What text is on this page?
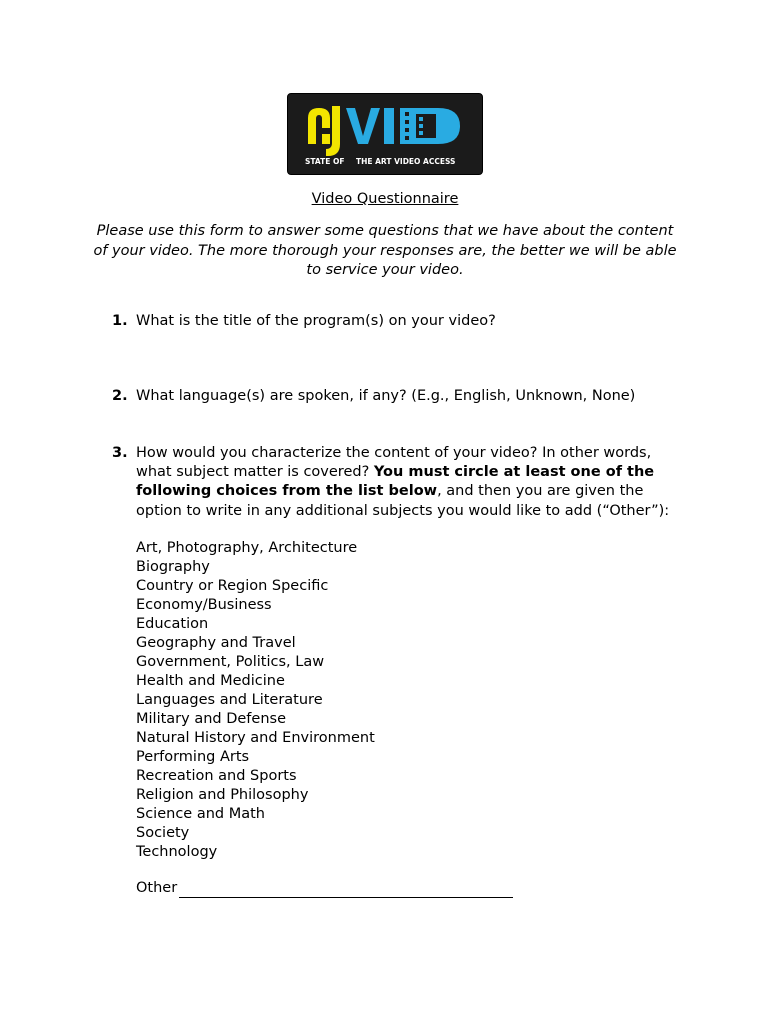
STATE OF THE ART VIDEO ACCESS
Video Questionnaire
Please use this form to answer some questions that we have about the content of your video. The more thorough your responses are, the better we will be able to service your video.
1. What is the title of the program(s) on your video?
2. What language(s) are spoken, if any? (E.g., English, Unknown, None)
3. How would you characterize the content of your video? In other words, what subject matter is covered? You must circle at least one of the following choices from the list below, and then you are given the option to write in any additional subjects you would like to add (“Other”):
Art, Photography, Architecture
Biography
Country or Region Specific
Economy/Business
Education
Geography and Travel
Government, Politics, Law
Health and Medicine
Languages and Literature
Military and Defense
Natural History and Environment
Performing Arts
Recreation and Sports
Religion and Philosophy
Science and Math
Society
Technology
Other
